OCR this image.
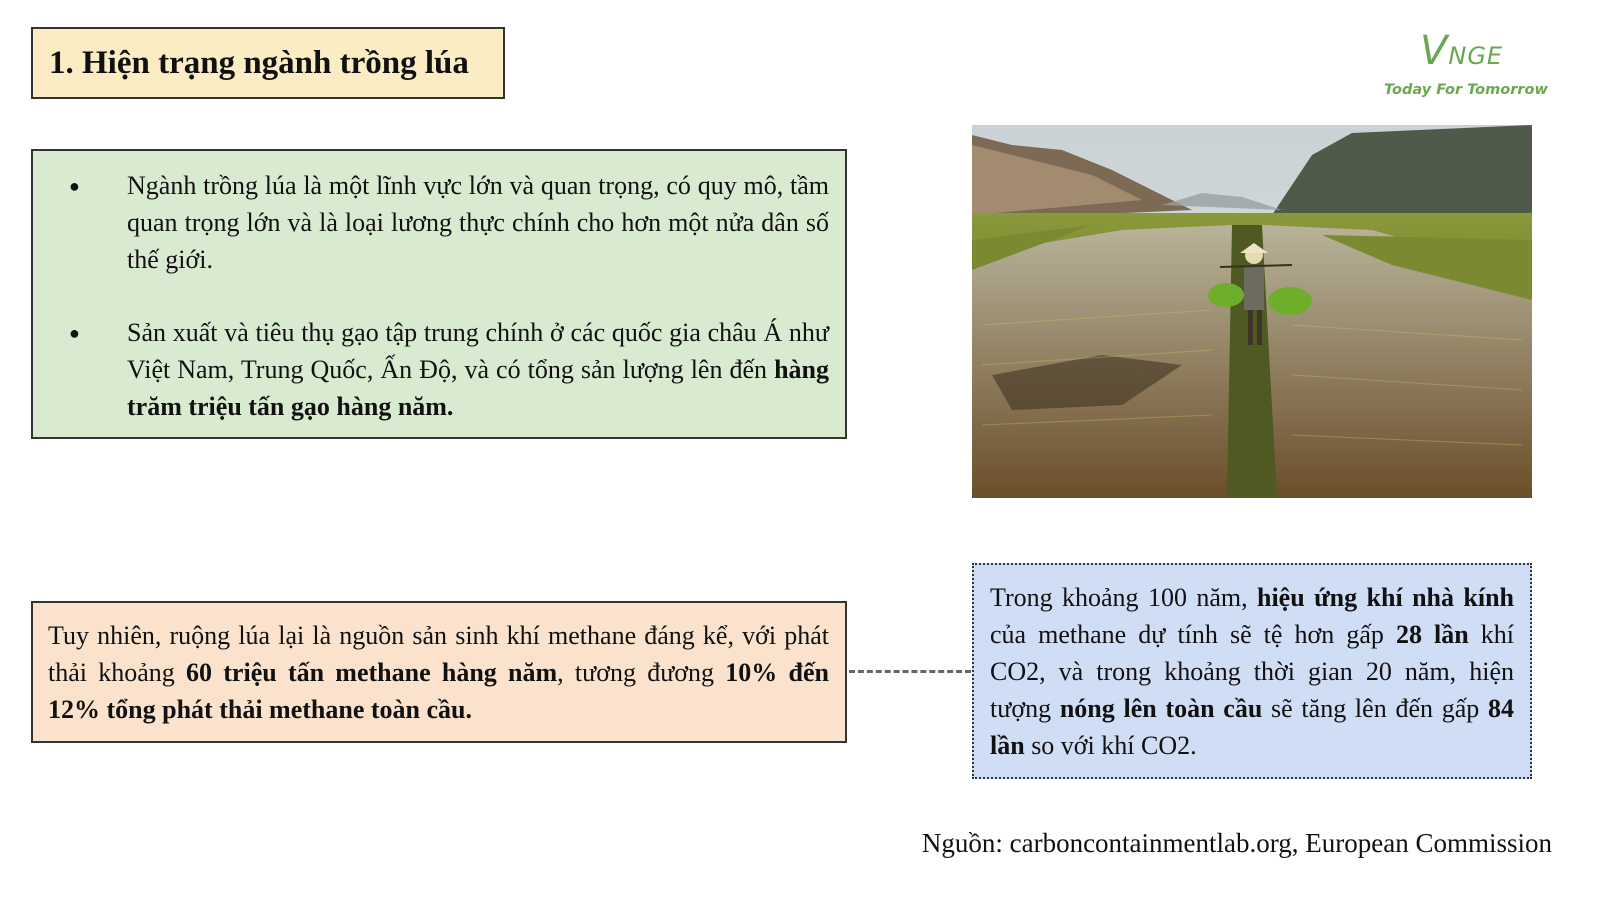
1. Hiện trạng ngành trồng lúa	VNGE
Today For Tomorrow
●	Ngành trồng lúa là một lĩnh vực lớn và quan trọng, có quy mô, tầm quan trọng lớn và là loại lương thực chính cho hơn một nửa dân số thế giới.
●	Sản xuất và tiêu thụ gạo tập trung chính ở các quốc gia châu Á như Việt Nam, Trung Quốc, Ấn Độ, và có tổng sản lượng lên đến hàng trăm triệu tấn gạo hàng năm.
Tuy nhiên, ruộng lúa lại là nguồn sản sinh khí methane đáng kể, với phát thải khoảng 60 triệu tấn methane hàng năm, tương đương 10% đến 12% tổng phát thải methane toàn cầu.
Trong khoảng 100 năm, hiệu ứng khí nhà kính của methane dự tính sẽ tệ hơn gấp 28 lần khí CO2, và trong khoảng thời gian 20 năm, hiện tượng nóng lên toàn cầu sẽ tăng lên đến gấp 84 lần so với khí CO2.
Nguồn: carboncontainmentlab.org, European Commission
